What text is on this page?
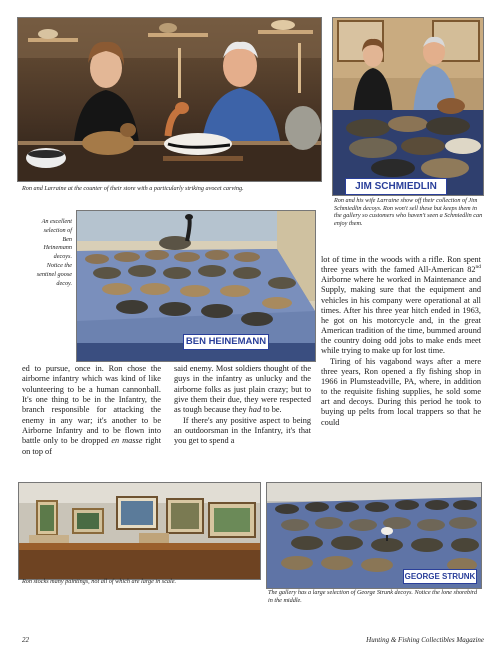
Ron and Larraine at the counter of their store with a particularly striking avocet carving.	JIM SCHMIEDLIN
Ron and his wife Larraine show off their collection of Jim Schmiedlin decoys. Ron won't sell these but keeps them in the gallery so customers who haven't seen a Schmiedlin can enjoy them.
BEN HEINEMANN
An excellent
selection of
Ben
Heinemann
decoys.
Notice the
sentinel goose
decoy.

ed to pursue, once in. Ron chose the airborne infantry which was kind of like volunteering to be a human cannonball. It's one thing to be in the Infantry, the branch responsible for attacking the enemy in any war; it's another to be Airborne Infantry and to be flown into battle only to be dropped en masse right on top of

said enemy. Most soldiers thought of the guys in the infantry as unlucky and the airborne folks as just plain crazy; but to give them their due, they were respected as tough because they had to be.

If there's any positive aspect to being an outdoorsman in the Infantry, it's that you get to spend a

lot of time in the woods with a rifle. Ron spent three years with the famed All-American 82nd Airborne where he worked in Maintenance and Supply, making sure that the equipment and vehicles in his company were operational at all times. After his three year hitch ended in 1963, he got on his motorcycle and, in the great American tradition of the time, bummed around the country doing odd jobs to make ends meet while trying to make up for lost time.

Tiring of his vagabond ways after a mere three years, Ron opened a fly fishing shop in 1966 in Plumsteadville, PA, where, in addition to the requisite fishing supplies, he sold some art and decoys. During this period he took to buying up pelts from local trappers so that he could

Ron stocks many paintings, not all of which are large in scale.
GEORGE STRUNK
The gallery has a large selection of George Strunk decoys. Notice the lone shorebird in the middle.
22	Hunting & Fishing Collectibles Magazine
